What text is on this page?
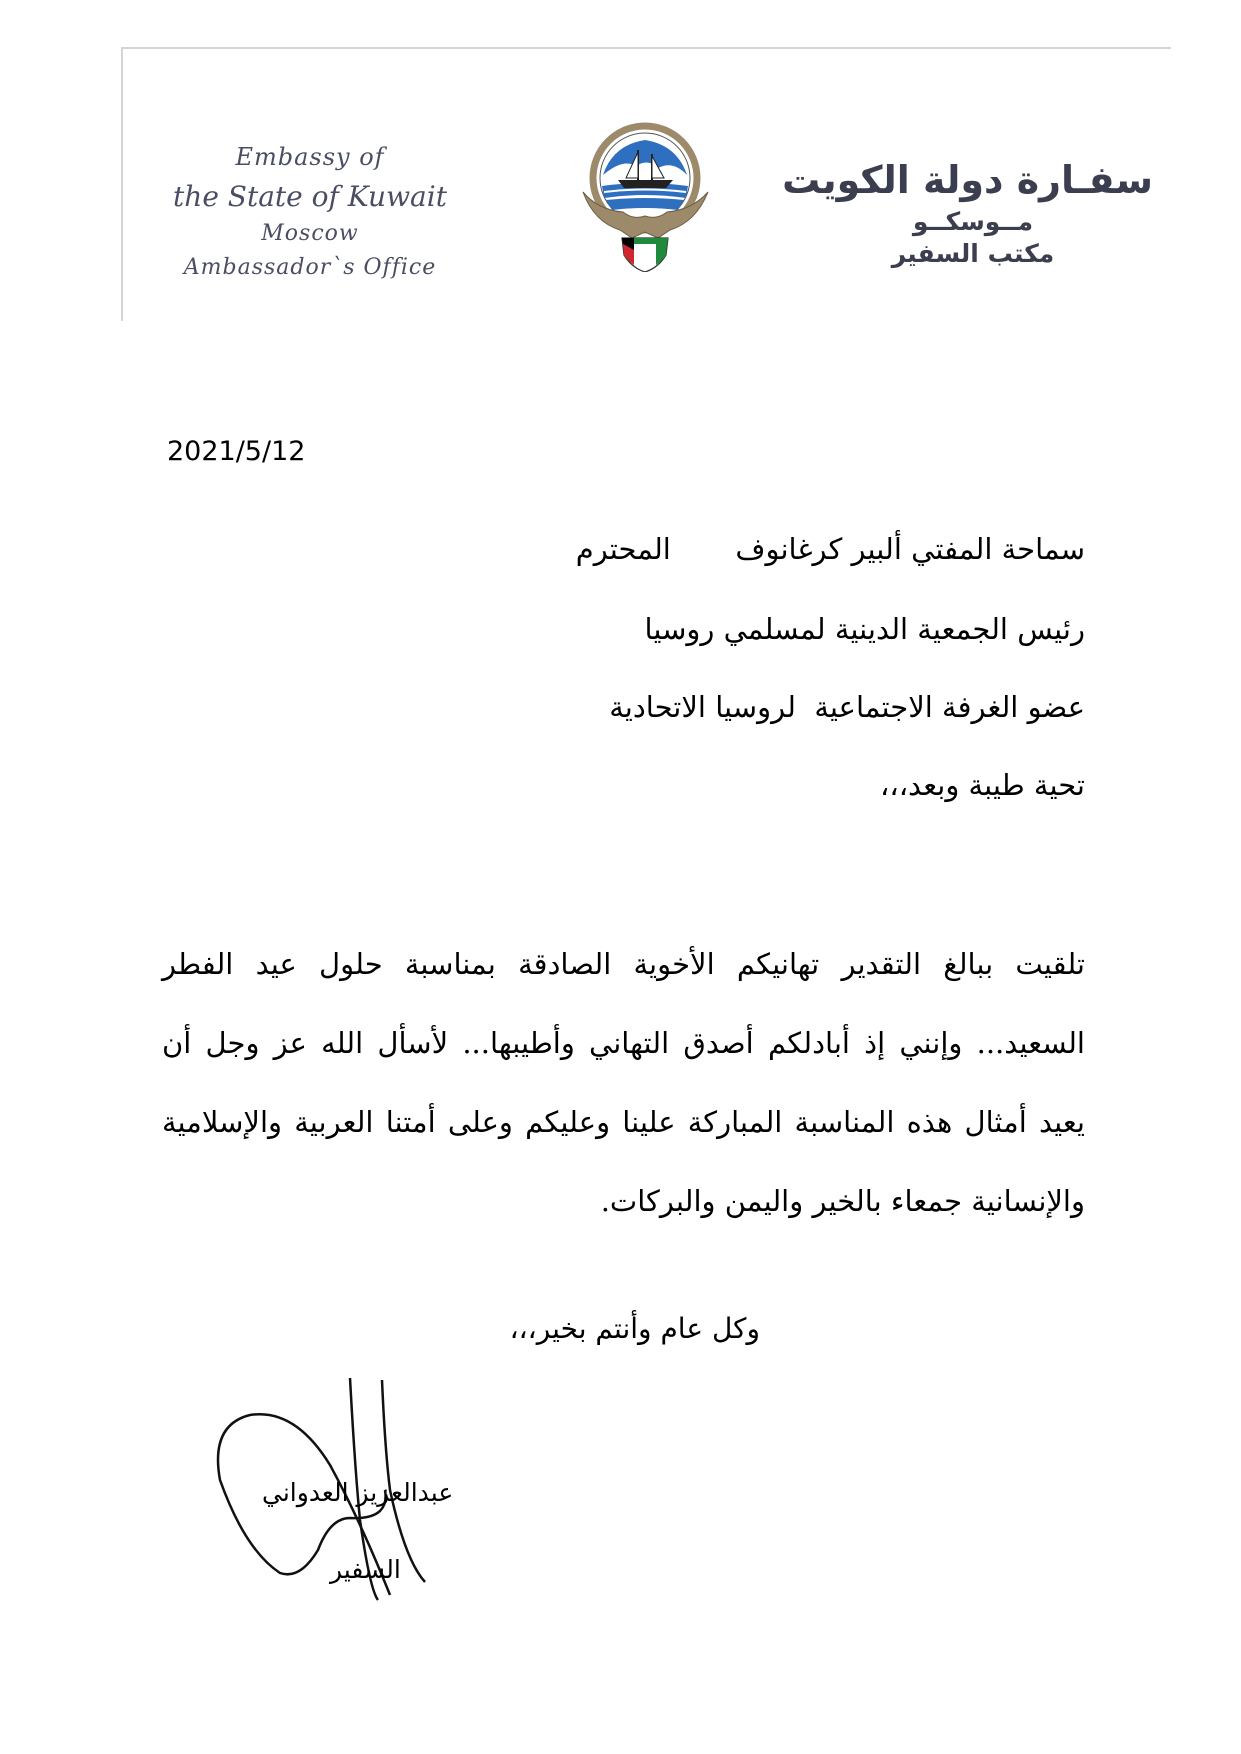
Embassy of
the State of Kuwait
Moscow
Ambassador`s Office
سفـارة دولة الكويت
مــوسكــو
مكتب السفير
2021/5/12
سماحة المفتي ألبير كرغانوف       المحترم
رئيس الجمعية الدينية لمسلمي روسيا
عضو الغرفة الاجتماعية  لروسيا الاتحادية
تحية طيبة وبعد،،،
تلقيت ببالغ التقدير تهانيكم الأخوية الصادقة بمناسبة حلول عيد الفطر السعيد... وإنني إذ أبادلكم أصدق التهاني وأطيبها... لأسأل الله عز وجل أن يعيد أمثال هذه المناسبة المباركة علينا وعليكم وعلى أمتنا العربية والإسلامية والإنسانية جمعاء بالخير واليمن والبركات.
وكل عام وأنتم بخير،،،
عبدالعزيز العدواني
السفير
